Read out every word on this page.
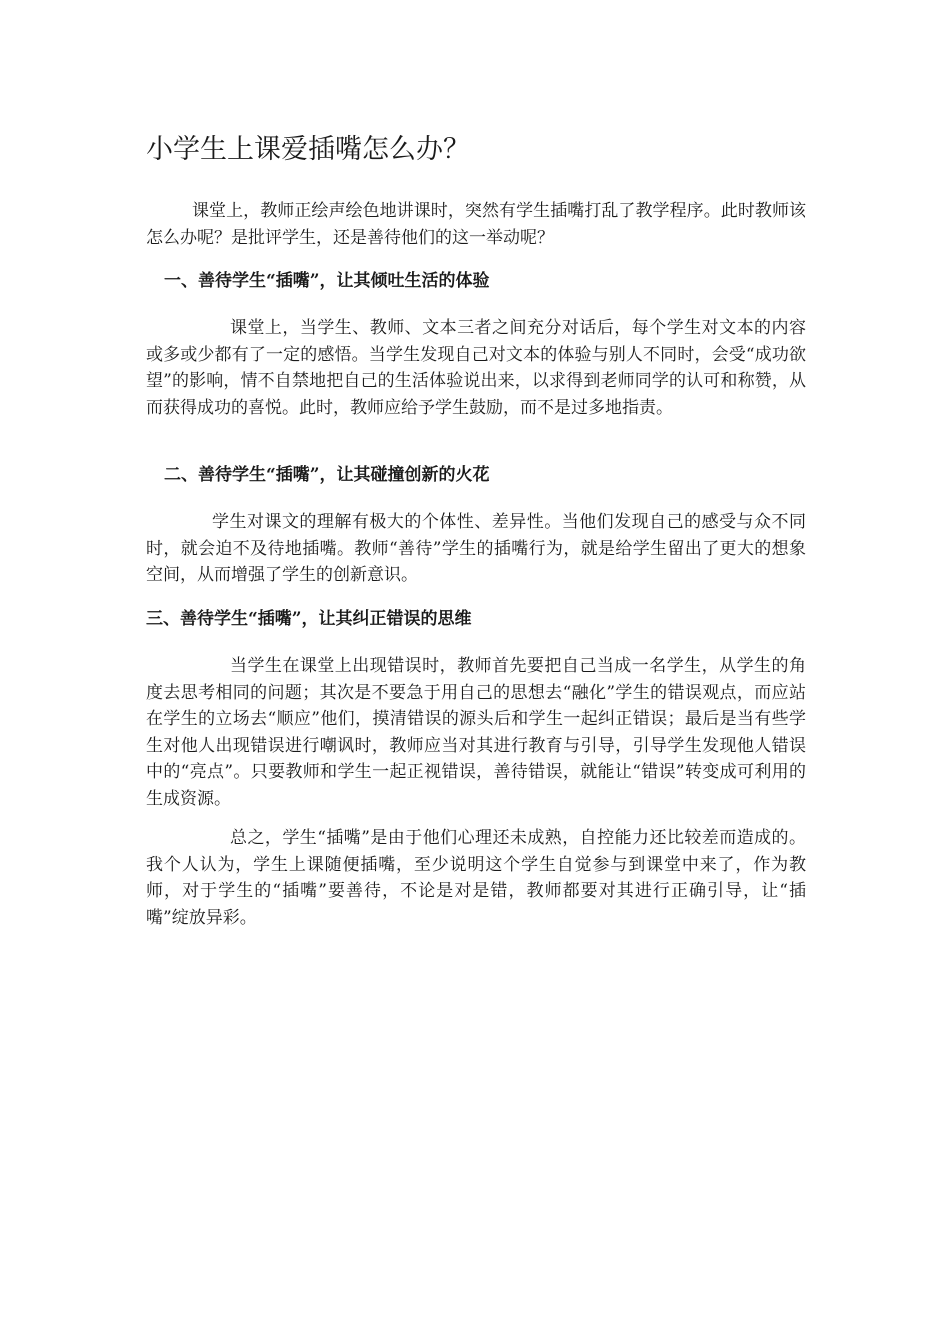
小学生上课爱插嘴怎么办？

课堂上，教师正绘声绘色地讲课时，突然有学生插嘴打乱了教学程序。此时教师该怎么办呢？是批评学生，还是善待他们的这一举动呢？

一、善待学生“插嘴”，让其倾吐生活的体验

课堂上，当学生、教师、文本三者之间充分对话后，每个学生对文本的内容或多或少都有了一定的感悟。当学生发现自己对文本的体验与别人不同时，会受“成功欲望”的影响，情不自禁地把自己的生活体验说出来，以求得到老师同学的认可和称赞，从而获得成功的喜悦。此时，教师应给予学生鼓励，而不是过多地指责。

二、善待学生“插嘴”，让其碰撞创新的火花

学生对课文的理解有极大的个体性、差异性。当他们发现自己的感受与众不同时，就会迫不及待地插嘴。教师“善待”学生的插嘴行为，就是给学生留出了更大的想象空间，从而增强了学生的创新意识。

三、善待学生“插嘴”，让其纠正错误的思维

当学生在课堂上出现错误时，教师首先要把自己当成一名学生，从学生的角度去思考相同的问题；其次是不要急于用自己的思想去“融化”学生的错误观点，而应站在学生的立场去“顺应”他们，摸清错误的源头后和学生一起纠正错误；最后是当有些学生对他人出现错误进行嘲讽时，教师应当对其进行教育与引导，引导学生发现他人错误中的“亮点”。只要教师和学生一起正视错误，善待错误，就能让“错误”转变成可利用的生成资源。

总之，学生“插嘴”是由于他们心理还未成熟，自控能力还比较差而造成的。我个人认为，学生上课随便插嘴，至少说明这个学生自觉参与到课堂中来了，作为教师，对于学生的“插嘴”要善待，不论是对是错，教师都要对其进行正确引导，让“插嘴”绽放异彩。
